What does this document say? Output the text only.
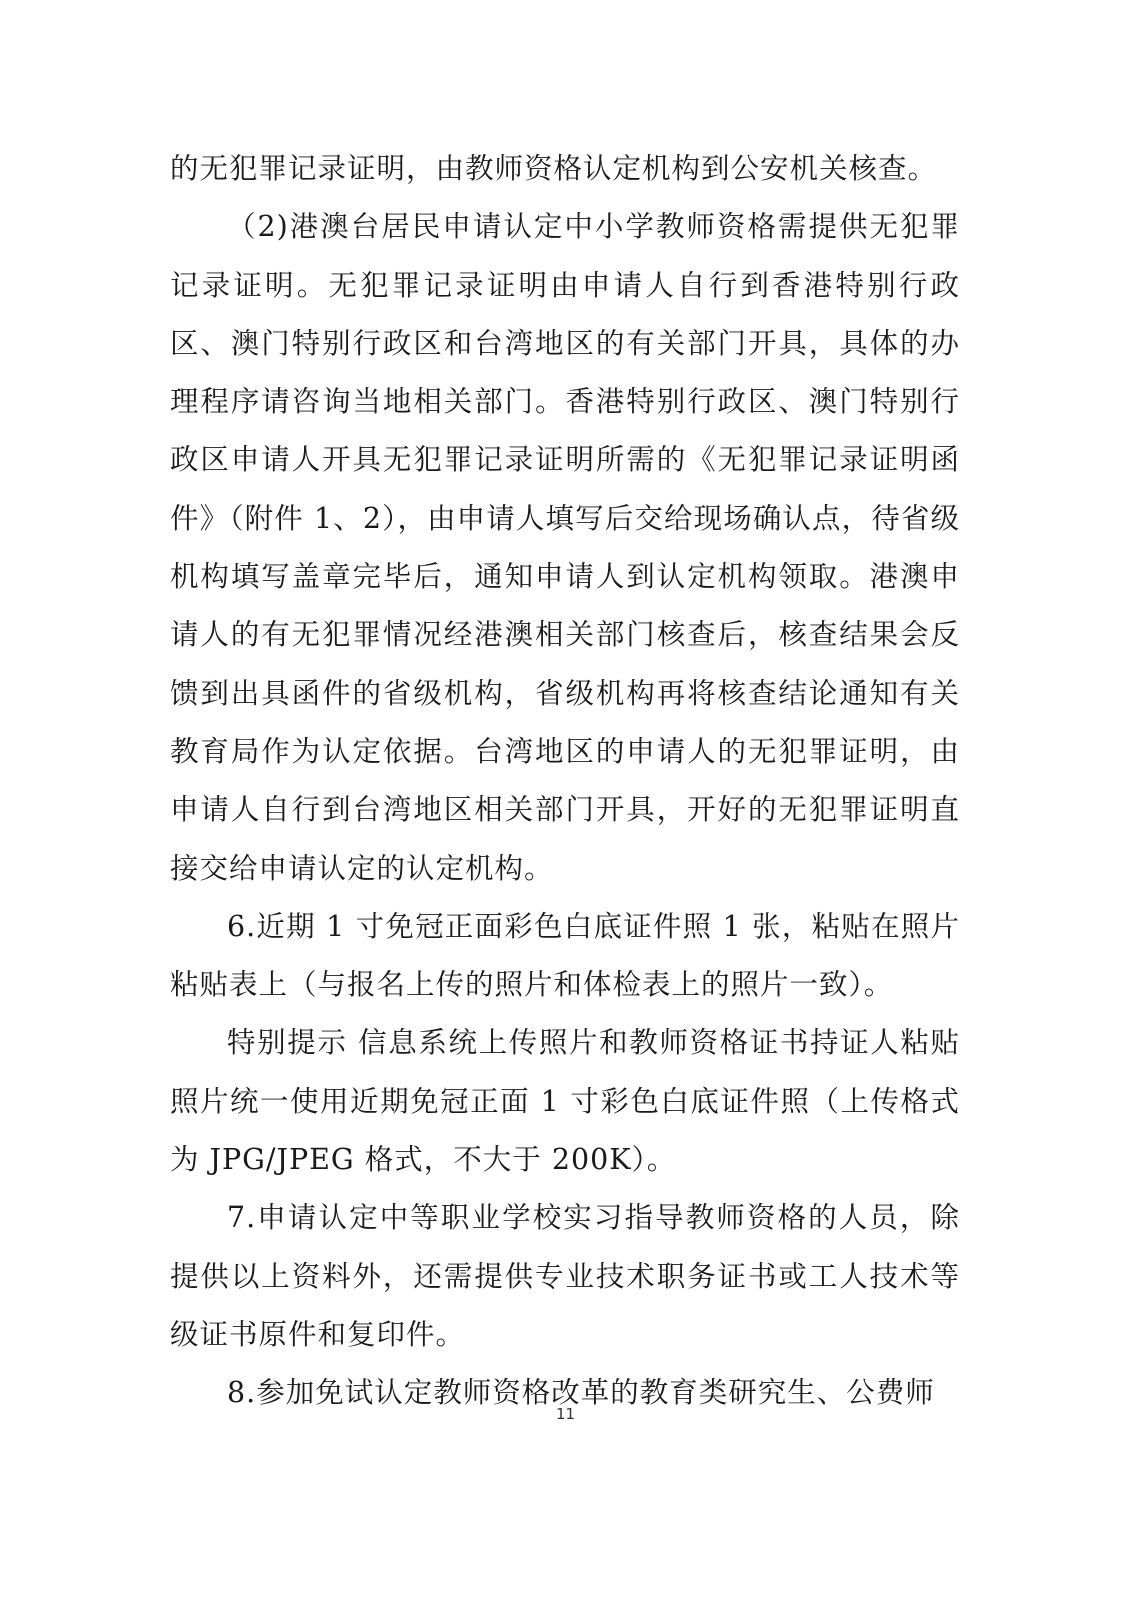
的无犯罪记录证明，由教师资格认定机构到公安机关核查。

（2)港澳台居民申请认定中小学教师资格需提供无犯罪记录证明。无犯罪记录证明由申请人自行到香港特别行政区、澳门特别行政区和台湾地区的有关部门开具，具体的办理程序请咨询当地相关部门。香港特别行政区、澳门特别行政区申请人开具无犯罪记录证明所需的《无犯罪记录证明函件》（附件 1、2），由申请人填写后交给现场确认点，待省级机构填写盖章完毕后，通知申请人到认定机构领取。港澳申请人的有无犯罪情况经港澳相关部门核查后，核查结果会反馈到出具函件的省级机构，省级机构再将核查结论通知有关教育局作为认定依据。台湾地区的申请人的无犯罪证明，由申请人自行到台湾地区相关部门开具，开好的无犯罪证明直接交给申请认定的认定机构。

6.近期 1 寸免冠正面彩色白底证件照 1 张，粘贴在照片粘贴表上（与报名上传的照片和体检表上的照片一致）。

特别提示 信息系统上传照片和教师资格证书持证人粘贴照片统一使用近期免冠正面 1 寸彩色白底证件照（上传格式为 JPG/JPEG 格式，不大于 200K）。

7.申请认定中等职业学校实习指导教师资格的人员，除提供以上资料外，还需提供专业技术职务证书或工人技术等级证书原件和复印件。

8.参加免试认定教师资格改革的教育类研究生、公费师

11
